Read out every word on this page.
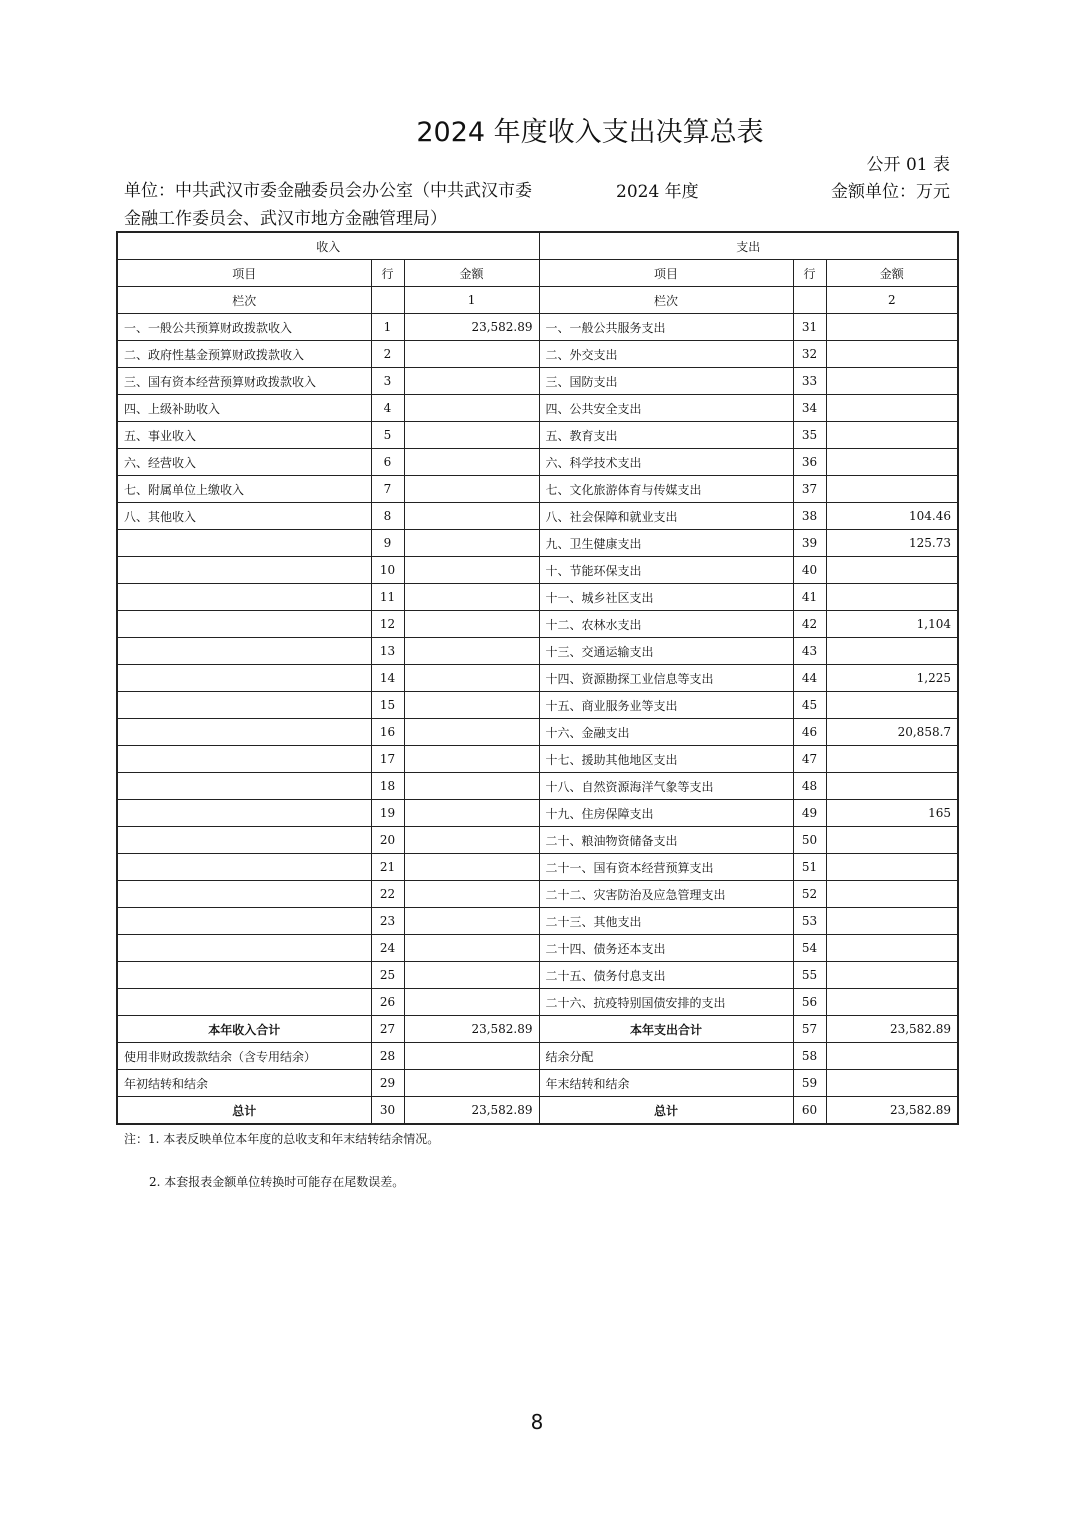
2024 年度收入支出决算总表
公开 01 表
单位：中共武汉市委金融委员会办公室（中共武汉市委金融工作委员会、武汉市地方金融管理局）
2024 年度	金额单位：万元
收入			支出		
项目	行	金额	项目	行	金额
栏次		1	栏次		2
一、一般公共预算财政拨款收入	1	23,582.89	一、一般公共服务支出	31	
二、政府性基金预算财政拨款收入	2		二、外交支出	32	
三、国有资本经营预算财政拨款收入	3		三、国防支出	33	
四、上级补助收入	4		四、公共安全支出	34	
五、事业收入	5		五、教育支出	35	
六、经营收入	6		六、科学技术支出	36	
七、附属单位上缴收入	7		七、文化旅游体育与传媒支出	37	
八、其他收入	8		八、社会保障和就业支出	38	104.46
	9		九、卫生健康支出	39	125.73
	10		十、节能环保支出	40	
	11		十一、城乡社区支出	41	
	12		十二、农林水支出	42	1,104
	13		十三、交通运输支出	43	
	14		十四、资源勘探工业信息等支出	44	1,225
	15		十五、商业服务业等支出	45	
	16		十六、金融支出	46	20,858.7
	17		十七、援助其他地区支出	47	
	18		十八、自然资源海洋气象等支出	48	
	19		十九、住房保障支出	49	165
	20		二十、粮油物资储备支出	50	
	21		二十一、国有资本经营预算支出	51	
	22		二十二、灾害防治及应急管理支出	52	
	23		二十三、其他支出	53	
	24		二十四、债务还本支出	54	
	25		二十五、债务付息支出	55	
	26		二十六、抗疫特别国债安排的支出	56	
本年收入合计	27	23,582.89	本年支出合计	57	23,582.89
使用非财政拨款结余（含专用结余）	28		结余分配	58	
年初结转和结余	29		年末结转和结余	59	
总计	30	23,582.89	总计	60	23,582.89
注：1. 本表反映单位本年度的总收支和年末结转结余情况。
2. 本套报表金额单位转换时可能存在尾数误差。
8
